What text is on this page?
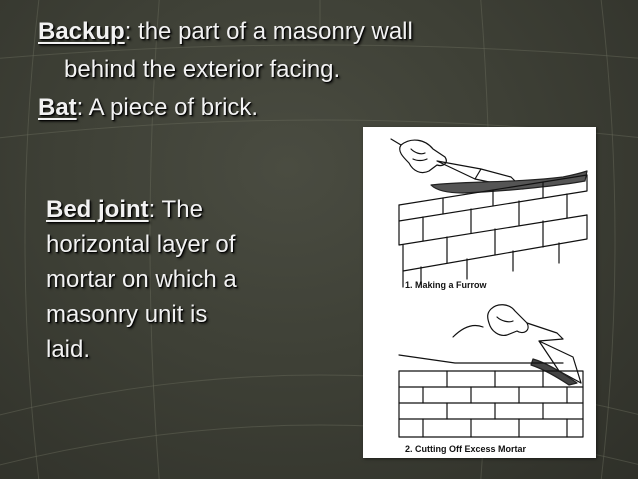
Backup: the part of a masonry wall
behind the exterior facing.
Bat: A piece of brick.
Bed joint: The
horizontal layer of
mortar on which a
masonry unit is
laid.
1. Making a Furrow
2. Cutting Off Excess Mortar
